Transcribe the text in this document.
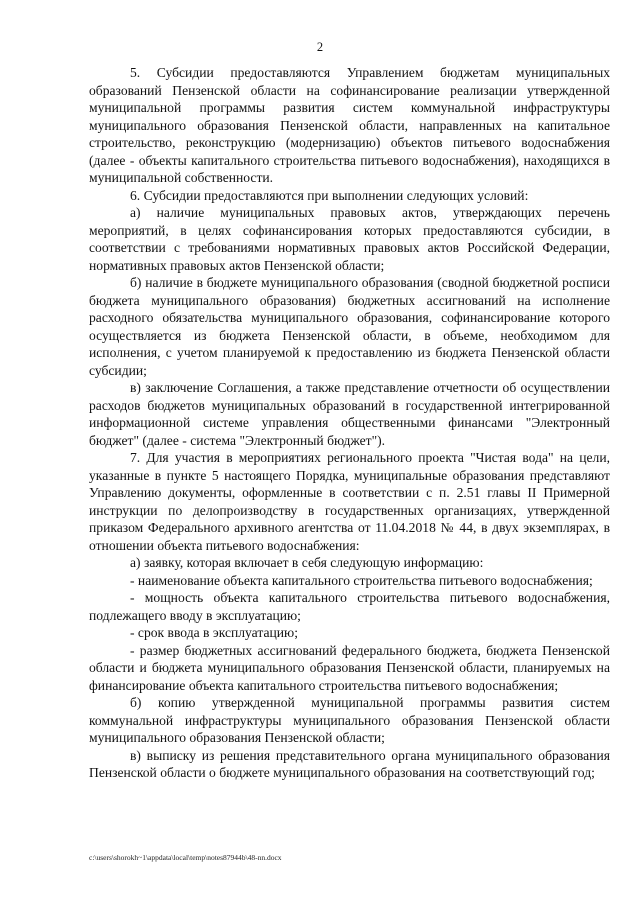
2

5. Субсидии предоставляются Управлением бюджетам муниципальных образований Пензенской области на софинансирование реализации утвержденной муниципальной программы развития систем коммунальной инфраструктуры муниципального образования Пензенской области, направленных на капитальное строительство, реконструкцию (модернизацию) объектов питьевого водоснабжения (далее - объекты капитального строительства питьевого водоснабжения), находящихся в муниципальной собственности.

6. Субсидии предоставляются при выполнении следующих условий:

а) наличие муниципальных правовых актов, утверждающих перечень мероприятий, в целях софинансирования которых предоставляются субсидии, в соответствии с требованиями нормативных правовых актов Российской Федерации, нормативных правовых актов Пензенской области;

б) наличие в бюджете муниципального образования (сводной бюджетной росписи бюджета муниципального образования) бюджетных ассигнований на исполнение расходного обязательства муниципального образования, софинансирование которого осуществляется из бюджета Пензенской области, в объеме, необходимом для исполнения, с учетом планируемой к предоставлению из бюджета Пензенской области субсидии;

в) заключение Соглашения, а также представление отчетности об осуществлении расходов бюджетов муниципальных образований в государственной интегрированной информационной системе управления общественными финансами "Электронный бюджет" (далее - система "Электронный бюджет").

7. Для участия в мероприятиях регионального проекта "Чистая вода" на цели, указанные в пункте 5 настоящего Порядка, муниципальные образования представляют Управлению документы, оформленные в соответствии с п. 2.51 главы II Примерной инструкции по делопроизводству в государственных организациях, утвержденной приказом Федерального архивного агентства от 11.04.2018 № 44, в двух экземплярах, в отношении объекта питьевого водоснабжения:

а) заявку, которая включает в себя следующую информацию:

- наименование объекта капитального строительства питьевого водоснабжения;

- мощность объекта капитального строительства питьевого водоснабжения, подлежащего вводу в эксплуатацию;

- срок ввода в эксплуатацию;

- размер бюджетных ассигнований федерального бюджета, бюджета Пензенской области и бюджета муниципального образования Пензенской области, планируемых на финансирование объекта капитального строительства питьевого водоснабжения;

б) копию утвержденной муниципальной программы развития систем коммунальной инфраструктуры муниципального образования Пензенской области муниципального образования Пензенской области;

в) выписку из решения представительного органа муниципального образования Пензенской области о бюджете муниципального образования на соответствующий год;

c:\users\shorokh~1\appdata\local\temp\notes87944b\48-nn.docx
